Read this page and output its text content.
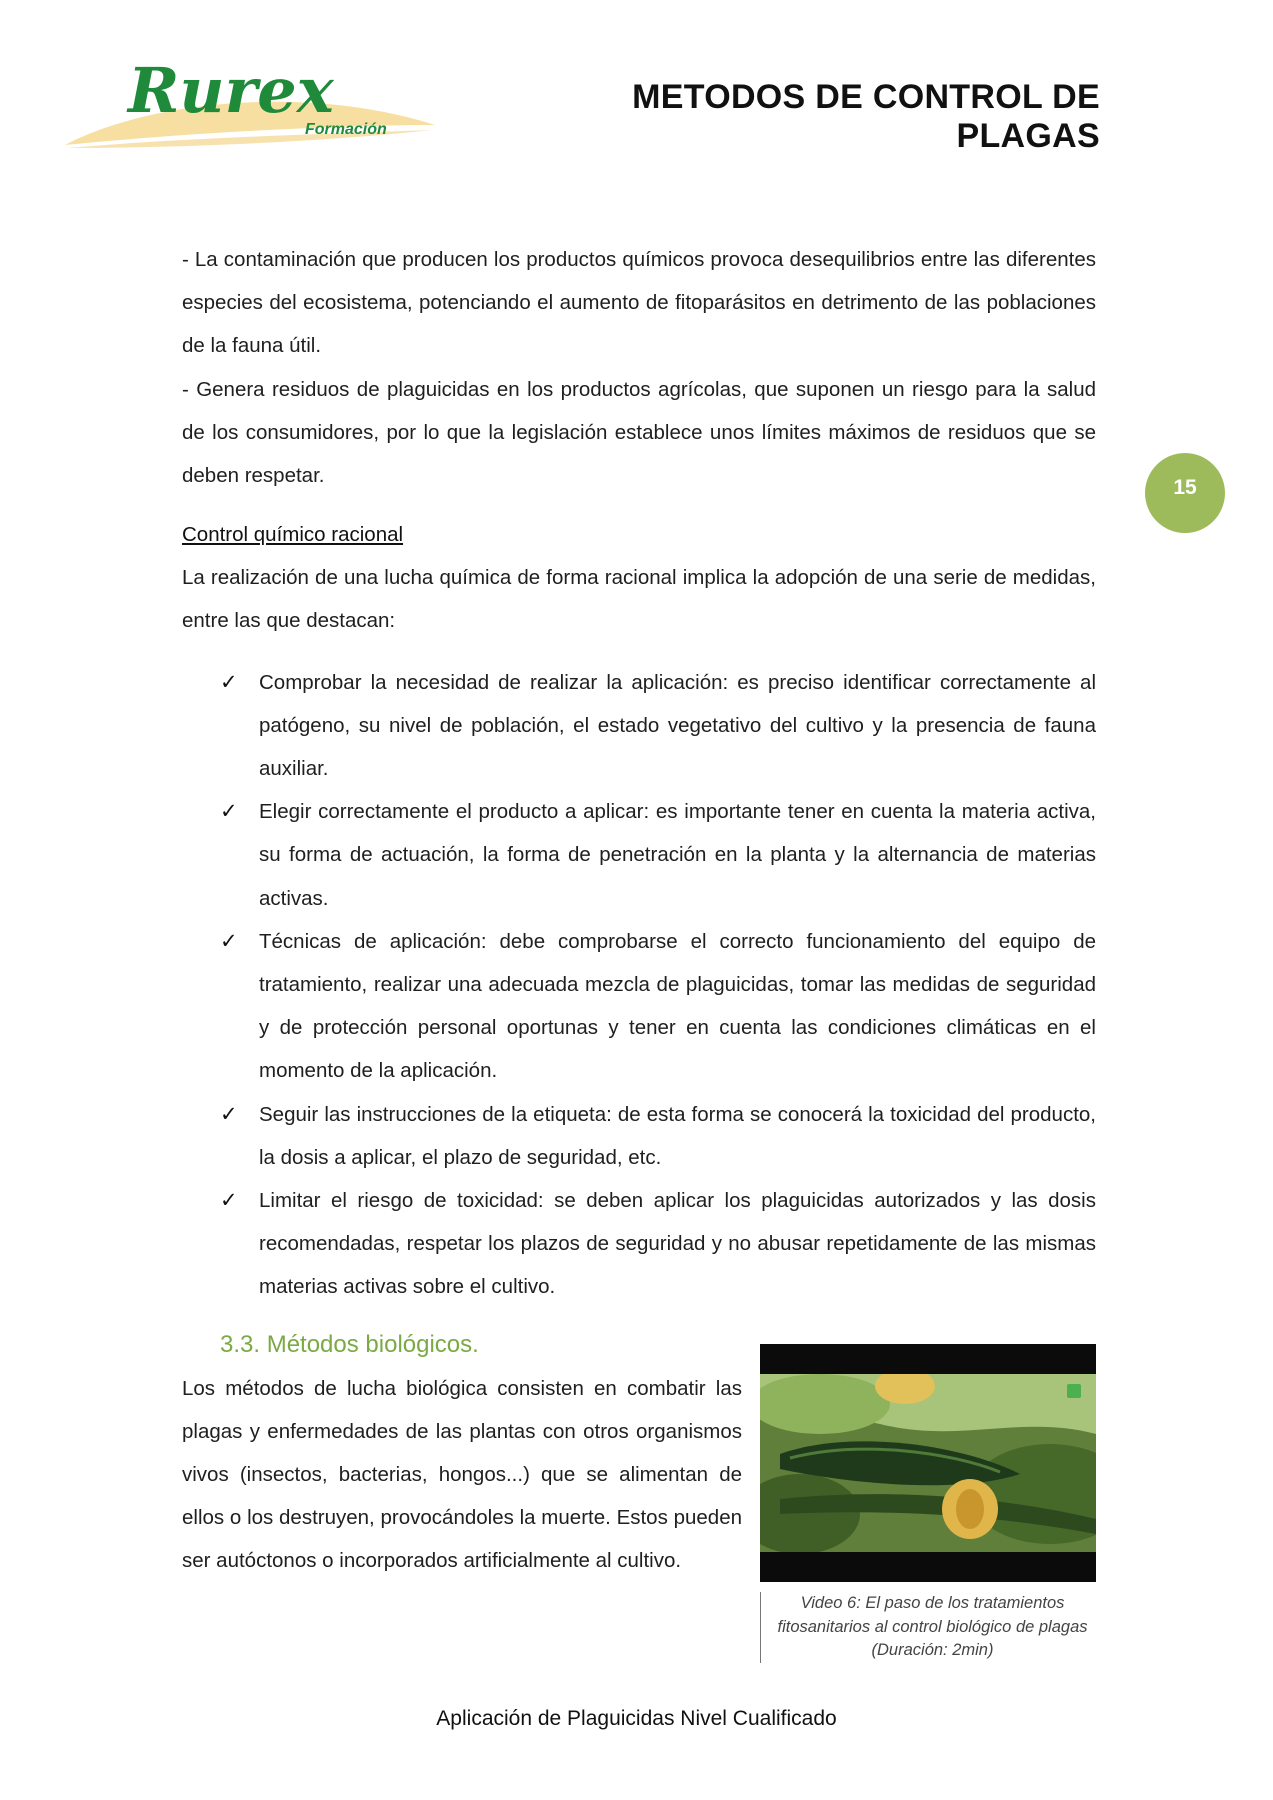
Rurex
Formación
METODOS DE CONTROL DE PLAGAS
15

- La contaminación que producen los productos químicos provoca desequilibrios entre las diferentes especies del ecosistema, potenciando el aumento de fitoparásitos en detrimento de las poblaciones de la fauna útil.

- Genera residuos de plaguicidas en los productos agrícolas, que suponen un riesgo para la salud de los consumidores, por lo que la legislación establece unos límites máximos de residuos que se deben respetar.

Control químico racional

La realización de una lucha química de forma racional implica la adopción de una serie de medidas, entre las que destacan:

✓ Comprobar la necesidad de realizar la aplicación: es preciso identificar correctamente al patógeno, su nivel de población, el estado vegetativo del cultivo y la presencia de fauna auxiliar.
✓ Elegir correctamente el producto a aplicar: es importante tener en cuenta la materia activa, su forma de actuación, la forma de penetración en la planta y la alternancia de materias activas.
✓ Técnicas de aplicación: debe comprobarse el correcto funcionamiento del equipo de tratamiento, realizar una adecuada mezcla de plaguicidas, tomar las medidas de seguridad y de protección personal oportunas y tener en cuenta las condiciones climáticas en el momento de la aplicación.
✓ Seguir las instrucciones de la etiqueta: de esta forma se conocerá la toxicidad del producto, la dosis a aplicar, el plazo de seguridad, etc.
✓ Limitar el riesgo de toxicidad: se deben aplicar los plaguicidas autorizados y las dosis recomendadas, respetar los plazos de seguridad y no abusar repetidamente de las mismas materias activas sobre el cultivo.
3.3. Métodos biológicos.

Los métodos de lucha biológica consisten en combatir las plagas y enfermedades de las plantas con otros organismos vivos (insectos, bacterias, hongos...) que se alimentan de ellos o los destruyen, provocándoles la muerte. Estos pueden ser autóctonos o incorporados artificialmente al cultivo.

Video 6: El paso de los tratamientos fitosanitarios al control biológico de plagas (Duración: 2min)
Aplicación de Plaguicidas Nivel Cualificado
